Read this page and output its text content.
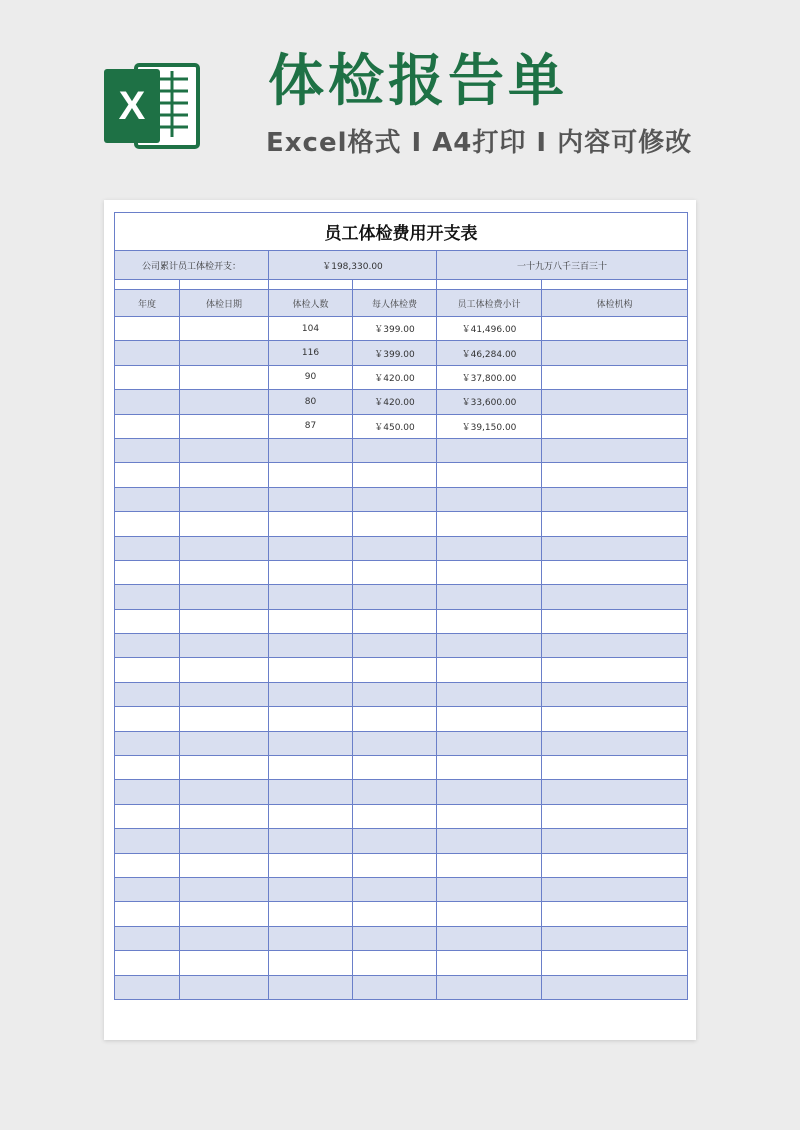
X 体检报告单
Excel格式 I A4打印 I 内容可修改
员工体检费用开支表					
公司累计员工体检开支：		￥198,330.00		一十九万八千三百三十	

年度	体检日期	体检人数	每人体检费	员工体检费小计	体检机构
		104	￥399.00	￥41,496.00	
		116	￥399.00	￥46,284.00	
		90	￥420.00	￥37,800.00	
		80	￥420.00	￥33,600.00	
		87	￥450.00	￥39,150.00	
